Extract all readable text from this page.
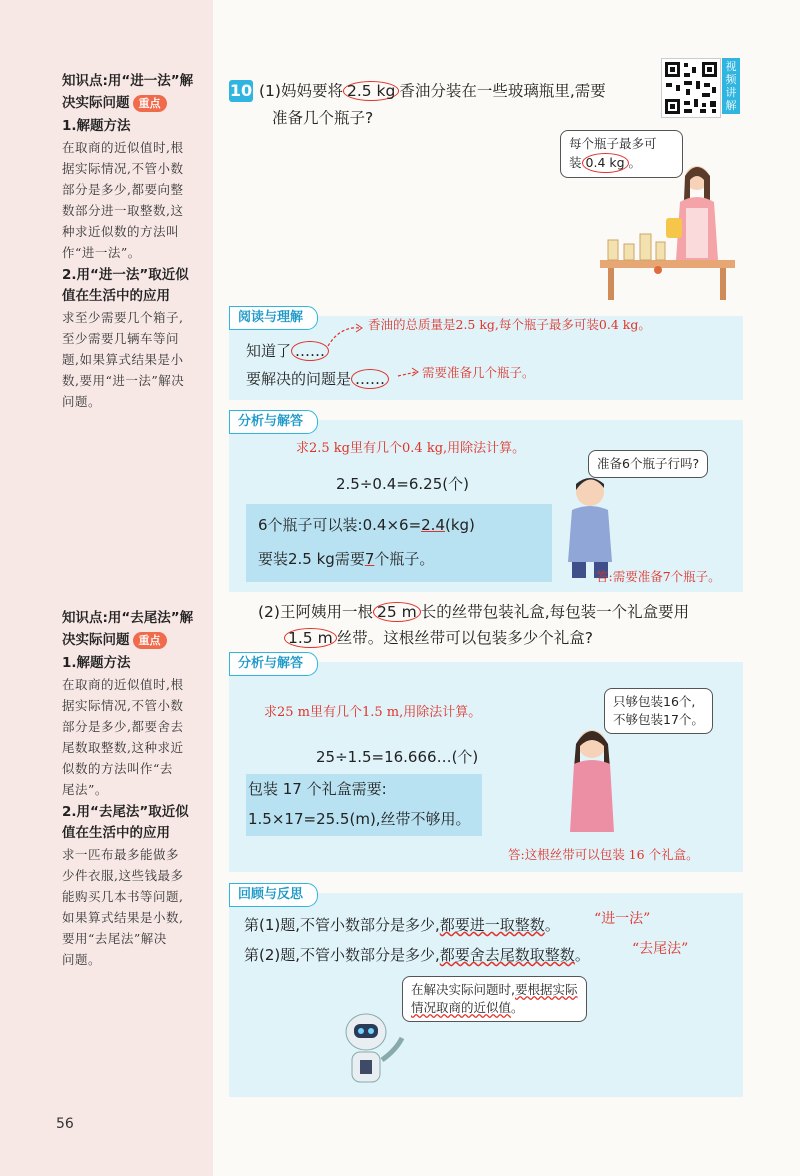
知识点:用“进一法”解
决实际问题 重点
1.解题方法
在取商的近似值时,根
据实际情况,不管小数
部分是多少,都要向整
数部分进一取整数,这
种求近似数的方法叫
作“进一法”。
2.用“进一法”取近似
值在生活中的应用
求至少需要几个箱子,
至少需要几辆车等问
题,如果算式结果是小
数,要用“进一法”解决
问题。
知识点:用“去尾法”解
决实际问题 重点
1.解题方法
在取商的近似值时,根
据实际情况,不管小数
部分是多少,都要舍去
尾数取整数,这种求近
似数的方法叫作“去
尾法”。
2.用“去尾法”取近似
值在生活中的应用
求一匹布最多能做多
少件衣服,这些钱最多
能购买几本书等问题,
如果算式结果是小数,
要用“去尾法”解决
问题。
56
视
频
讲
解
10 (1)妈妈要将 2.5 kg 香油分装在一些玻璃瓶里,需要
准备几个瓶子?
每个瓶子最多可
装 0.4 kg 。
阅读与理解
知道了 ……
香油的总质量是2.5 kg,每个瓶子最多可装0.4 kg。
要解决的问题是 ……	需要准备几个瓶子。
分析与解答
求2.5 kg里有几个0.4 kg,用除法计算。
2.5÷0.4=6.25(个)
6个瓶子可以装:0.4×6=2.4(kg)
要装2.5 kg需要7个瓶子。
准备6个瓶子行吗?
答:需要准备7个瓶子。
(2)王阿姨用一根 25 m 长的丝带包装礼盒,每包装一个礼盒要用
1.5 m 丝带。这根丝带可以包装多少个礼盒?
分析与解答
求25 m里有几个1.5 m,用除法计算。
25÷1.5=16.666…(个)
包装 17 个礼盒需要:
1.5×17=25.5(m),丝带不够用。
只够包装16个,
不够包装17个。
答:这根丝带可以包装 16 个礼盒。
回顾与反思
第(1)题,不管小数部分是多少,都要进一取整数。 “进一法”
第(2)题,不管小数部分是多少,都要舍去尾数取整数。	“去尾法”
在解决实际问题时,要根据实际
情况取商的近似值。
